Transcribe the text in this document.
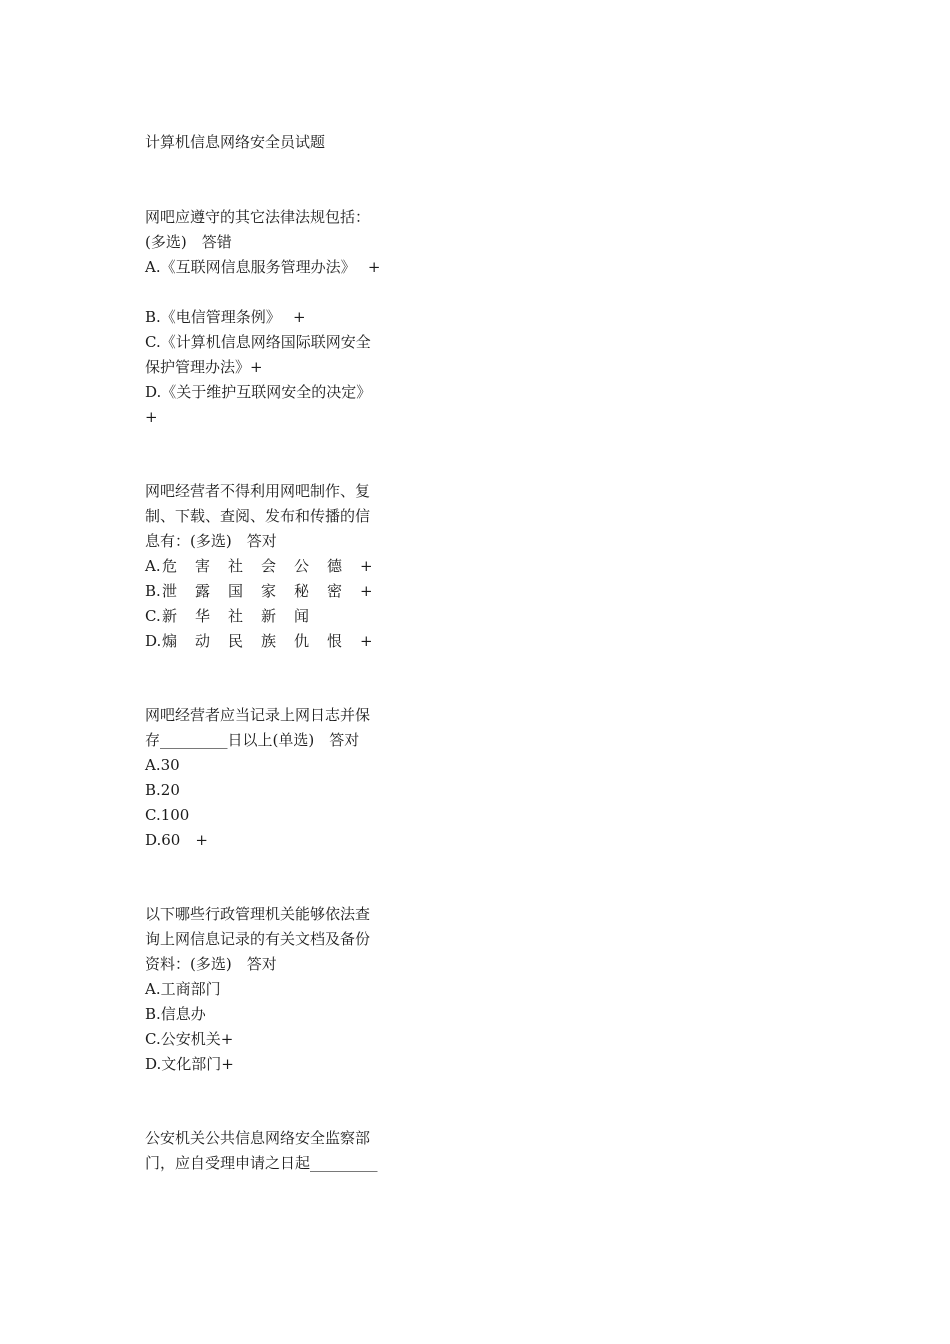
计算机信息网络安全员试题
网吧应遵守的其它法律法规包括：
(多选)　答错
A.《互联网信息服务管理办法》　 +
B.《电信管理条例》　 +
C.《计算机信息网络国际联网安全
保护管理办法》+
D.《关于维护互联网安全的决定》
+
网吧经营者不得利用网吧制作、复
制、下载、查阅、发布和传播的信
息有：(多选)　答对
A.危 害 社 会 公 德 +
B.泄 露 国 家 秘 密 +
C.新 华 社 新 闻
D.煽 动 民 族 仇 恨 +
网吧经营者应当记录上网日志并保
存_________日以上(单选)　答对
A.30
B.20
C.100
D.60　+
以下哪些行政管理机关能够依法查
询上网信息记录的有关文档及备份
资料：(多选)　答对
A.工商部门
B.信息办
C.公安机关+
D.文化部门+
公安机关公共信息网络安全监察部
门，应自受理申请之日起_________
